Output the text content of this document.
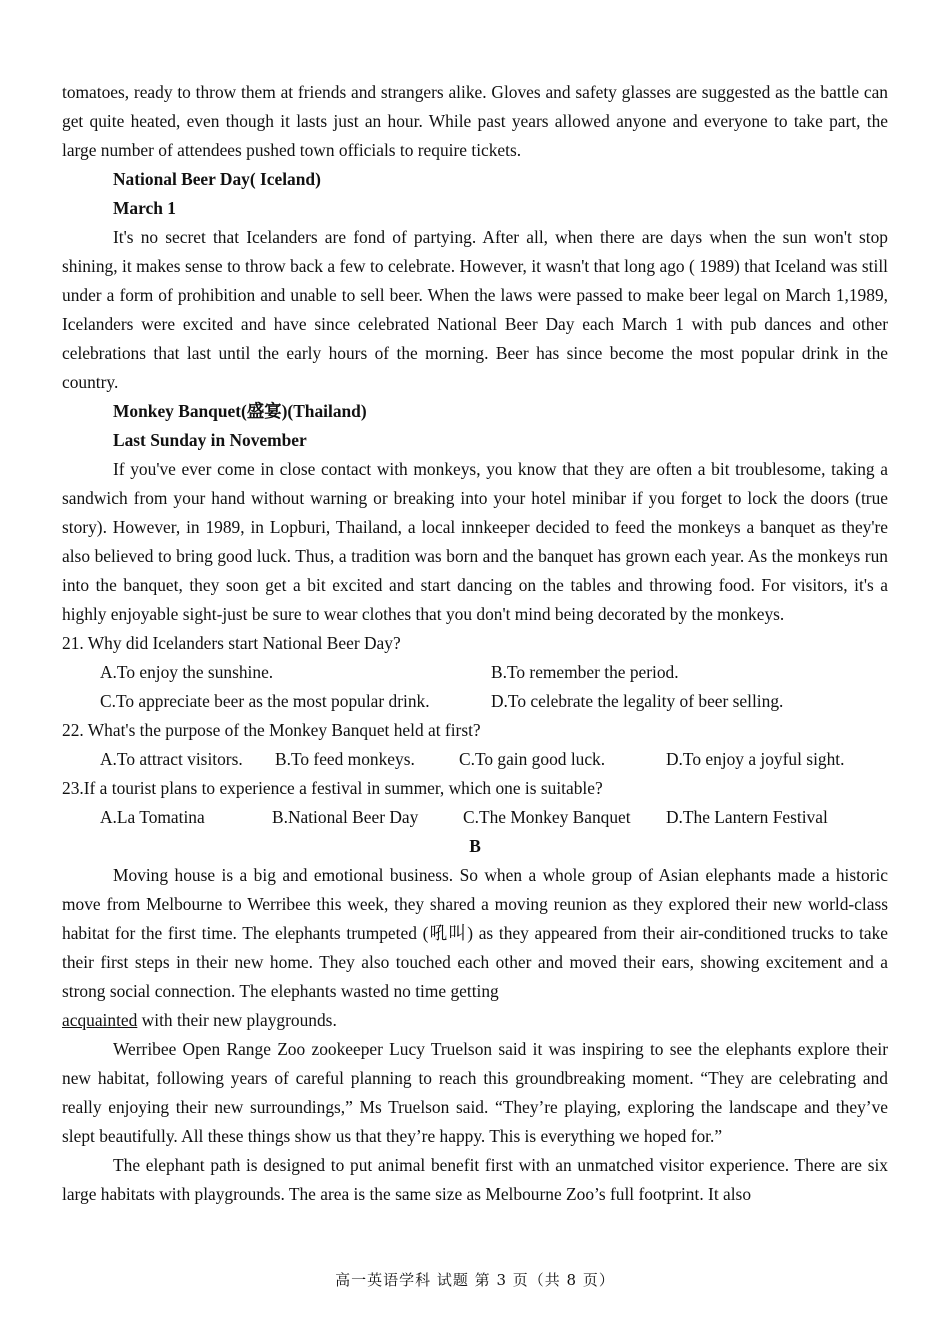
tomatoes, ready to throw them at friends and strangers alike. Gloves and safety glasses are suggested as the battle can get quite heated, even though it lasts just an hour. While past years allowed anyone and everyone to take part, the large number of attendees pushed town officials to require tickets.

National Beer Day( Iceland)

March 1

It's no secret that Icelanders are fond of partying. After all, when there are days when the sun won't stop shining, it makes sense to throw back a few to celebrate. However, it wasn't that long ago ( 1989) that Iceland was still under a form of prohibition and unable to sell beer. When the laws were passed to make beer legal on March 1,1989, Icelanders were excited and have since celebrated National Beer Day each March 1 with pub dances and other celebrations that last until the early hours of the morning. Beer has since become the most popular drink in the country.

Monkey Banquet(盛宴)(Thailand)

Last Sunday in November

If you've ever come in close contact with monkeys, you know that they are often a bit troublesome, taking a sandwich from your hand without warning or breaking into your hotel minibar if you forget to lock the doors (true story). However, in 1989, in Lopburi, Thailand, a local innkeeper decided to feed the monkeys a banquet as they're also believed to bring good luck. Thus, a tradition was born and the banquet has grown each year. As the monkeys run into the banquet, they soon get a bit excited and start dancing on the tables and throwing food. For visitors, it's a highly enjoyable sight-just be sure to wear clothes that you don't mind being decorated by the monkeys.

21. Why did Icelanders start National Beer Day?

A.To enjoy the sunshine.	B.To remember the period.
C.To appreciate beer as the most popular drink.	D.To celebrate the legality of beer selling.

22. What's the purpose of the Monkey Banquet held at first?

A.To attract visitors.	B.To feed monkeys.	C.To gain good luck.	D.To enjoy a joyful sight.

23.If a tourist plans to experience a festival in summer, which one is suitable?

A.La Tomatina	B.National Beer Day	C.The Monkey Banquet	D.The Lantern Festival

B

Moving house is a big and emotional business. So when a whole group of Asian elephants made a historic move from Melbourne to Werribee this week, they shared a moving reunion as they explored their new world-class habitat for the first time. The elephants trumpeted (吼叫) as they appeared from their air-conditioned trucks to take their first steps in their new home. They also touched each other and moved their ears, showing excitement and a strong social connection. The elephants wasted no time getting
acquainted with their new playgrounds.

Werribee Open Range Zoo zookeeper Lucy Truelson said it was inspiring to see the elephants explore their new habitat, following years of careful planning to reach this groundbreaking moment. “They are celebrating and really enjoying their new surroundings,” Ms Truelson said. “They’re playing, exploring the landscape and they’ve slept beautifully. All these things show us that they’re happy. This is everything we hoped for.”

The elephant path is designed to put animal benefit first with an unmatched visitor experience. There are six large habitats with playgrounds. The area is the same size as Melbourne Zoo’s full footprint. It also

高一英语学科 试题 第 3 页（共 8 页）
